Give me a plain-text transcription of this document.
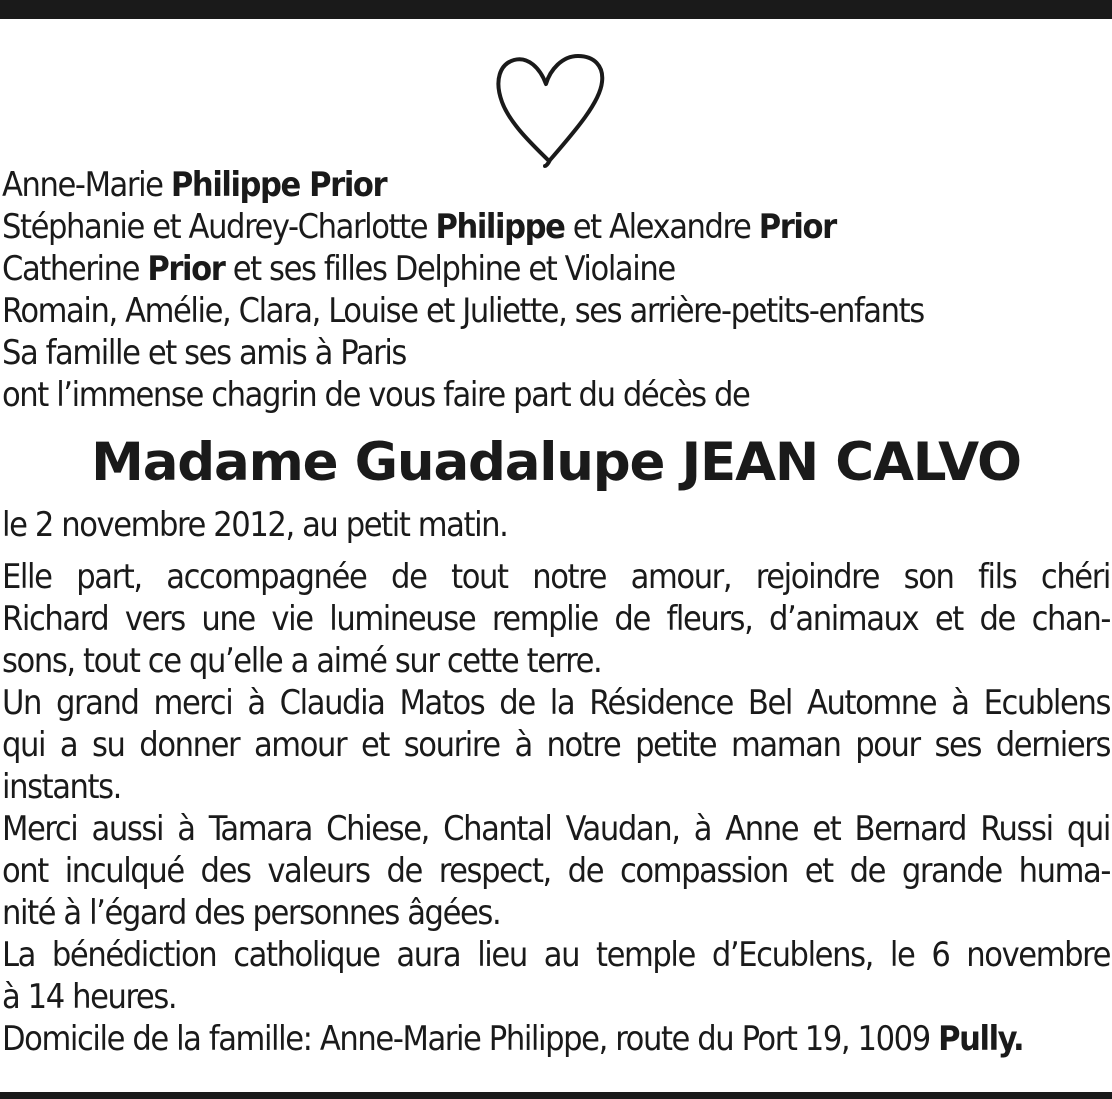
Anne-Marie Philippe Prior
Stéphanie et Audrey-Charlotte Philippe et Alexandre Prior
Catherine Prior et ses filles Delphine et Violaine
Romain, Amélie, Clara, Louise et Juliette, ses arrière-petits-enfants
Sa famille et ses amis à Paris
ont l’immense chagrin de vous faire part du décès de
Madame Guadalupe JEAN CALVO
le 2 novembre 2012, au petit matin.
Elle part, accompagnée de tout notre amour, rejoindre son fils chéri
Richard vers une vie lumineuse remplie de fleurs, d’animaux et de chan-
sons, tout ce qu’elle a aimé sur cette terre.
Un grand merci à Claudia Matos de la Résidence Bel Automne à Ecublens
qui a su donner amour et sourire à notre petite maman pour ses derniers
instants.
Merci aussi à Tamara Chiese, Chantal Vaudan, à Anne et Bernard Russi qui
ont inculqué des valeurs de respect, de compassion et de grande huma-
nité à l’égard des personnes âgées.
La bénédiction catholique aura lieu au temple d’Ecublens, le 6 novembre
à 14 heures.
Domicile de la famille: Anne-Marie Philippe, route du Port 19, 1009 Pully.
